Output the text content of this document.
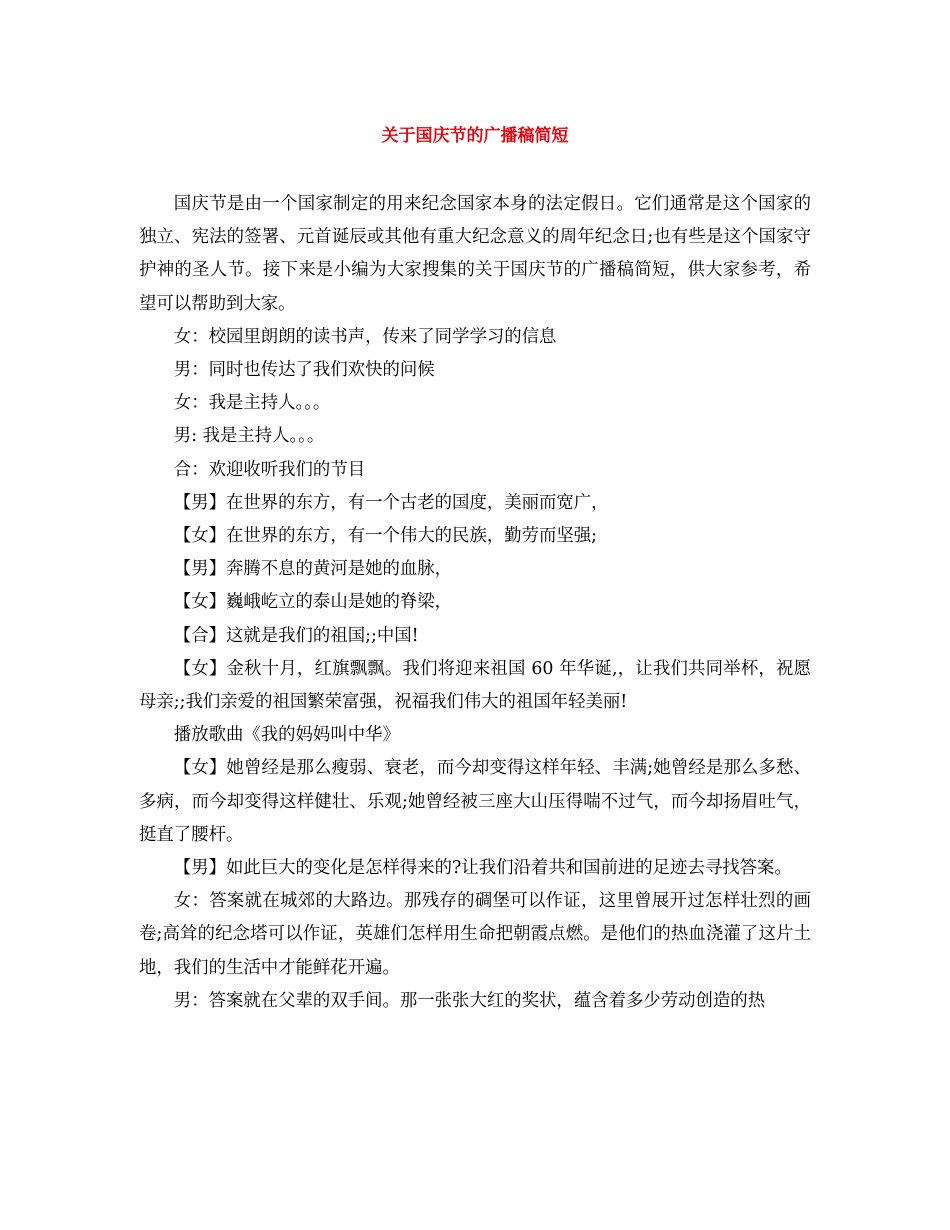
关于国庆节的广播稿简短

国庆节是由一个国家制定的用来纪念国家本身的法定假日。它们通常是这个国家的独立、宪法的签署、元首诞辰或其他有重大纪念意义的周年纪念日;也有些是这个国家守护神的圣人节。接下来是小编为大家搜集的关于国庆节的广播稿简短，供大家参考，希望可以帮助到大家。

女：校园里朗朗的读书声，传来了同学学习的信息

男：同时也传达了我们欢快的问候

女：我是主持人。。。

男: 我是主持人。。。

合：欢迎收听我们的节目

【男】在世界的东方，有一个古老的国度，美丽而宽广，

【女】在世界的东方，有一个伟大的民族，勤劳而坚强;

【男】奔腾不息的黄河是她的血脉，

【女】巍峨屹立的泰山是她的脊梁，

【合】这就是我们的祖国;;中国!

【女】金秋十月，红旗飘飘。我们将迎来祖国 60 年华诞,，让我们共同举杯，祝愿母亲;;我们亲爱的祖国繁荣富强，祝福我们伟大的祖国年轻美丽!

播放歌曲《我的妈妈叫中华》

【女】她曾经是那么瘦弱、衰老，而今却变得这样年轻、丰满;她曾经是那么多愁、多病，而今却变得这样健壮、乐观;她曾经被三座大山压得喘不过气，而今却扬眉吐气，挺直了腰杆。

【男】如此巨大的变化是怎样得来的?让我们沿着共和国前进的足迹去寻找答案。

女：答案就在城郊的大路边。那残存的碉堡可以作证，这里曾展开过怎样壮烈的画卷;高耸的纪念塔可以作证，英雄们怎样用生命把朝霞点燃。是他们的热血浇灌了这片土地，我们的生活中才能鲜花开遍。

男：答案就在父辈的双手间。那一张张大红的奖状，蕴含着多少劳动创造的热
